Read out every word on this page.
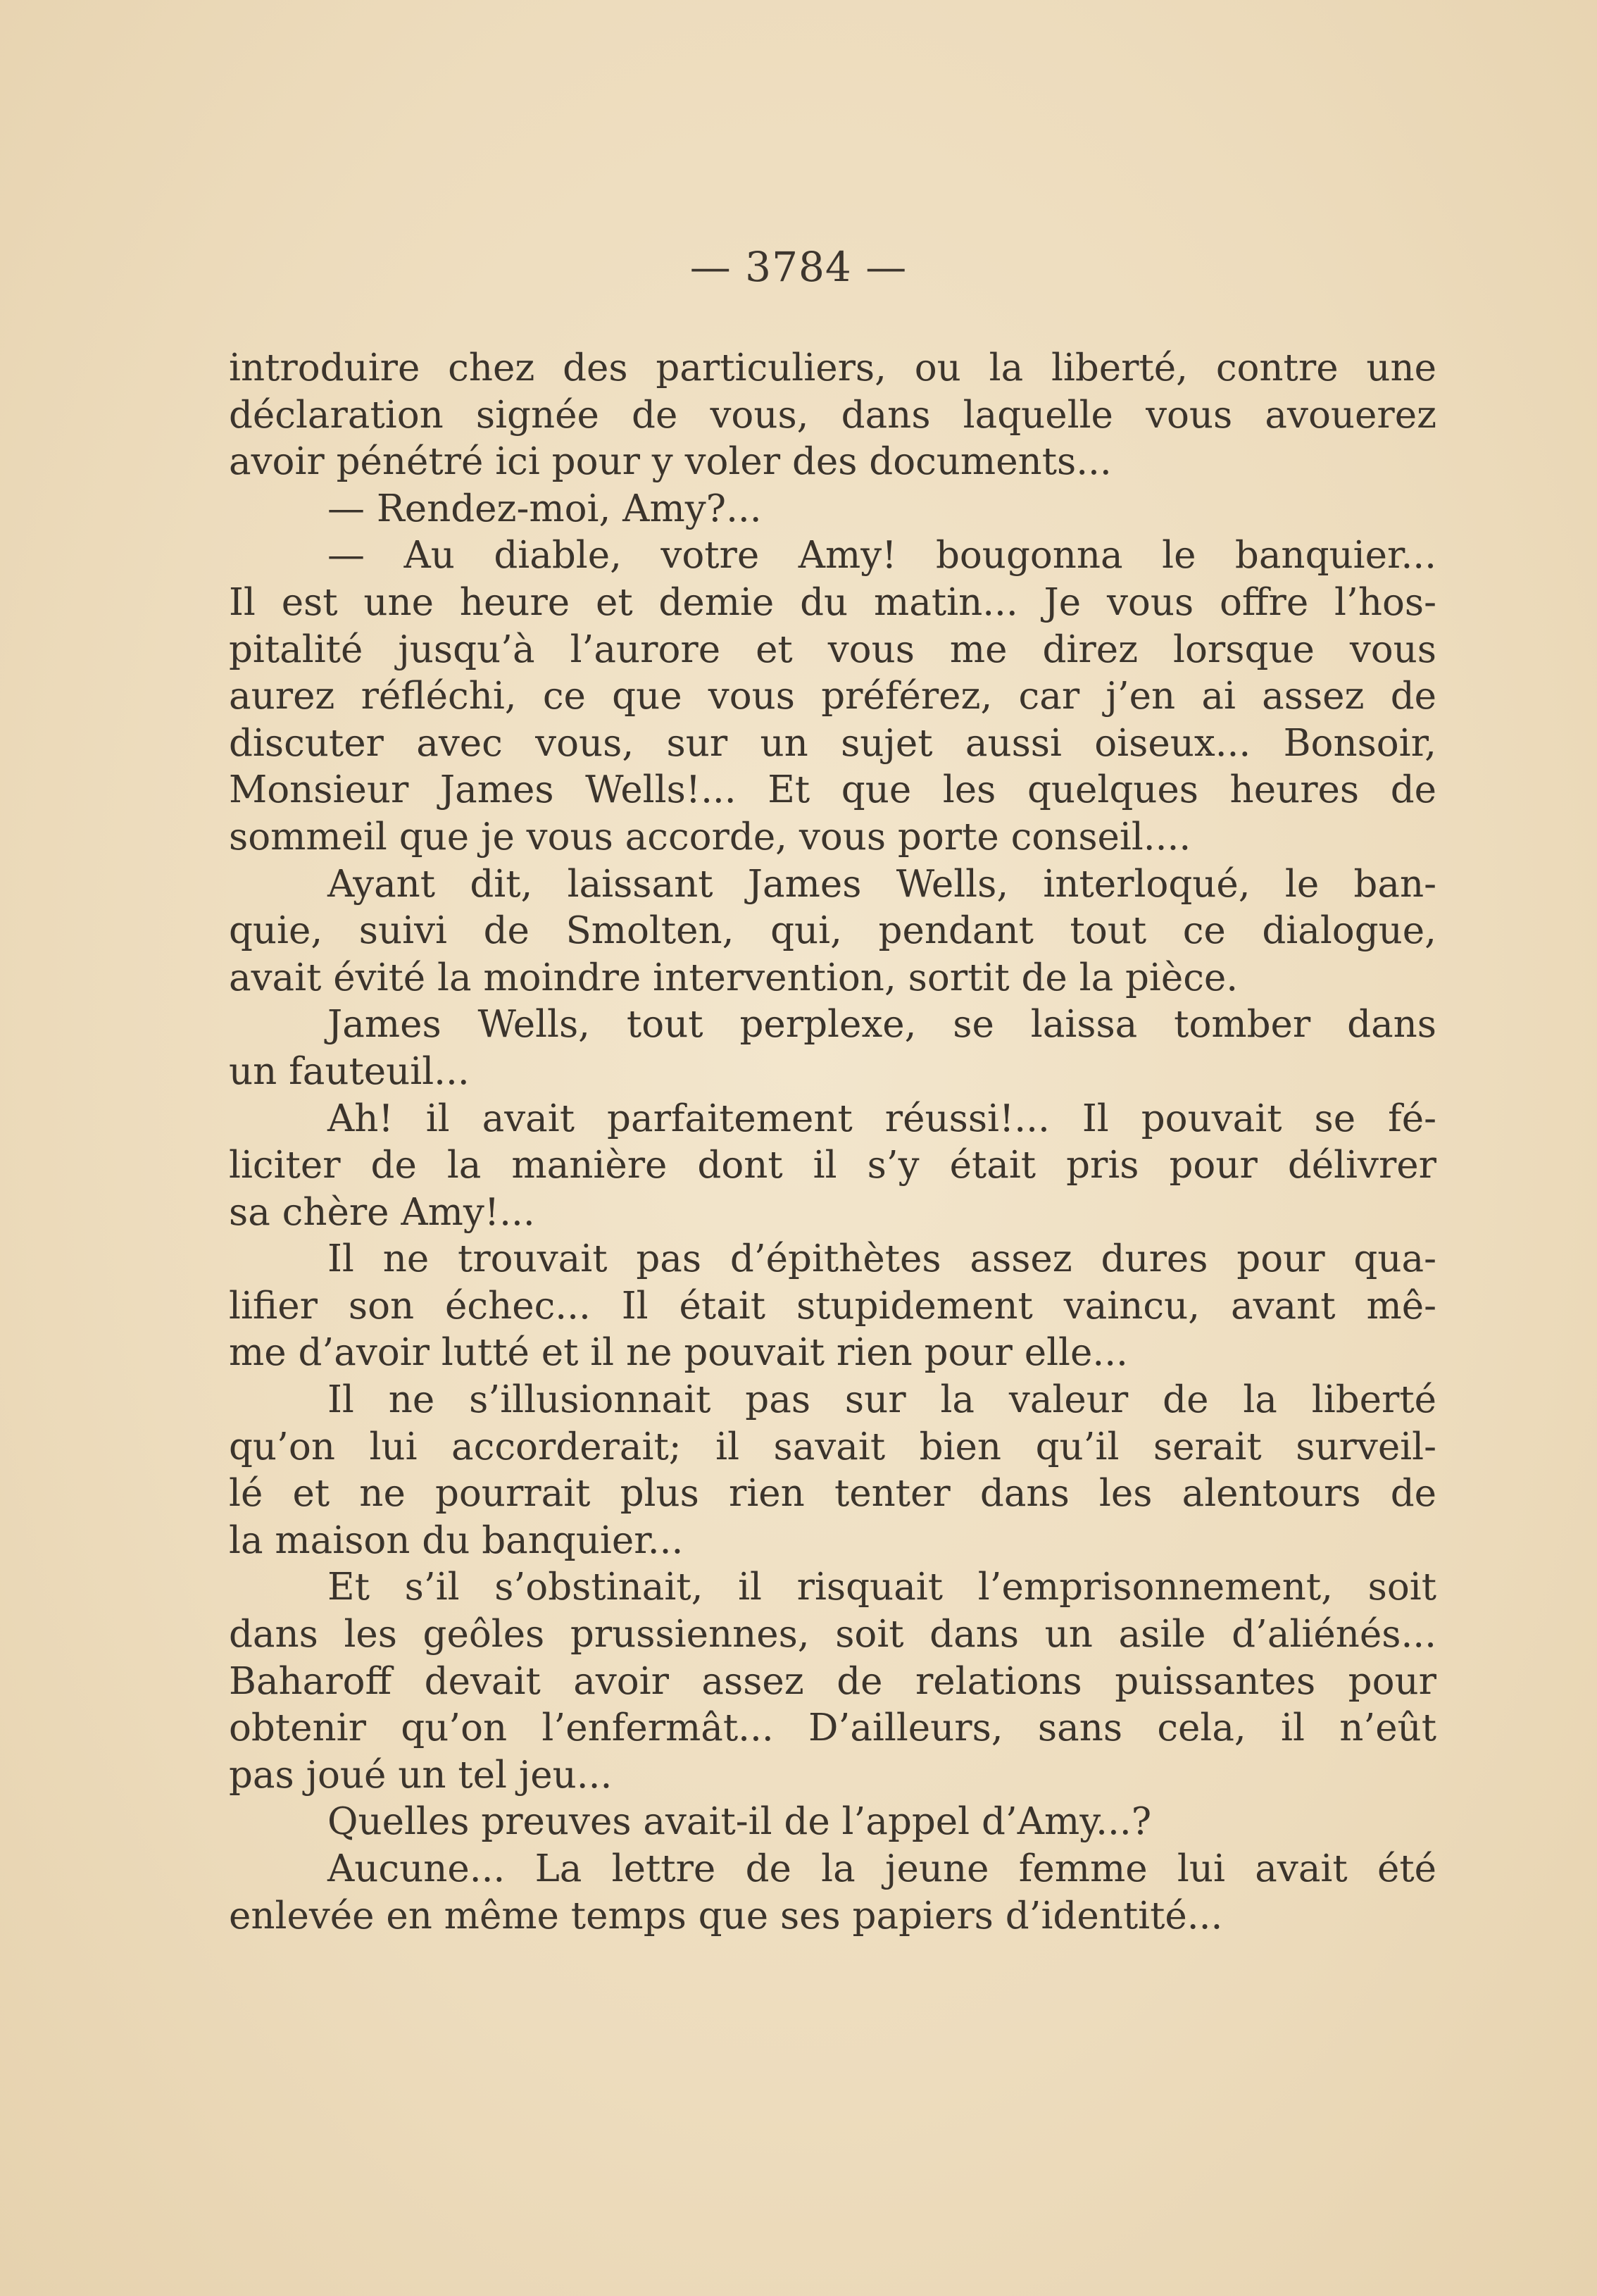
— 3784 —
introduire chez des particuliers, ou la liberté, contre une
déclaration signée de vous, dans laquelle vous avouerez
avoir pénétré ici pour y voler des documents...
— Rendez-moi, Amy?...
— Au diable, votre Amy! bougonna le banquier...
Il est une heure et demie du matin... Je vous offre l’hos-
pitalité jusqu’à l’aurore et vous me direz lorsque vous
aurez réfléchi, ce que vous préférez, car j’en ai assez de
discuter avec vous, sur un sujet aussi oiseux... Bonsoir,
Monsieur James Wells!... Et que les quelques heures de
sommeil que je vous accorde, vous porte conseil....
Ayant dit, laissant James Wells, interloqué, le ban-
quie, suivi de Smolten, qui, pendant tout ce dialogue,
avait évité la moindre intervention, sortit de la pièce.
James Wells, tout perplexe, se laissa tomber dans
un fauteuil...
Ah! il avait parfaitement réussi!... Il pouvait se fé-
liciter de la manière dont il s’y était pris pour délivrer
sa chère Amy!...
Il ne trouvait pas d’épithètes assez dures pour qua-
lifier son échec... Il était stupidement vaincu, avant mê-
me d’avoir lutté et il ne pouvait rien pour elle...
Il ne s’illusionnait pas sur la valeur de la liberté
qu’on lui accorderait; il savait bien qu’il serait surveil-
lé et ne pourrait plus rien tenter dans les alentours de
la maison du banquier...
Et s’il s’obstinait, il risquait l’emprisonnement, soit
dans les geôles prussiennes, soit dans un asile d’aliénés...
Baharoff devait avoir assez de relations puissantes pour
obtenir qu’on l’enfermât... D’ailleurs, sans cela, il n’eût
pas joué un tel jeu...
Quelles preuves avait-il de l’appel d’Amy...?
Aucune... La lettre de la jeune femme lui avait été
enlevée en même temps que ses papiers d’identité...
